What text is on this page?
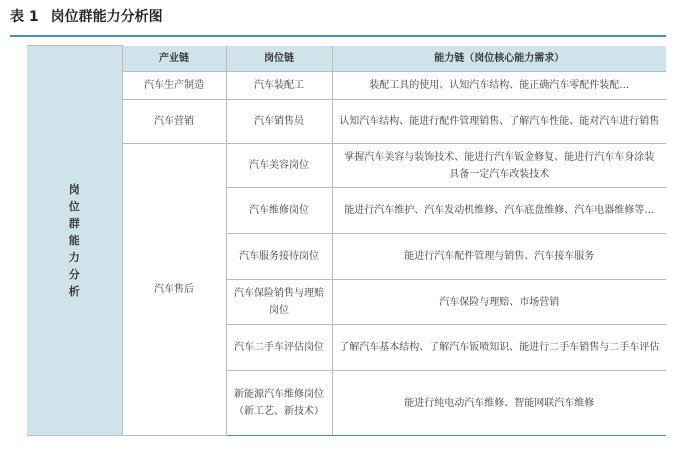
表 1 岗位群能力分析图
岗位群能力分析	产业链	岗位链	能力链（岗位核心能力需求）
	汽车生产制造	汽车装配工	装配工具的使用、认知汽车结构、能正确汽车零配件装配…
	汽车营销	汽车销售员	认知汽车结构、能进行配件管理销售、了解汽车性能、能对汽车进行销售
	汽车售后	汽车美容岗位	掌握汽车美容与装饰技术、能进行汽车钣金修复、能进行汽车车身涂装 具备一定汽车改装技术
		汽车维修岗位	能进行汽车维护、汽车发动机维修、汽车底盘维修、汽车电器维修等…
		汽车服务接待岗位	能进行汽车配件管理与销售、汽车接车服务
		汽车保险销售与理赔岗位	汽车保险与理赔、市场营销
		汽车二手车评估岗位	了解汽车基本结构、了解汽车钣喷知识、能进行二手车销售与二手车评估
		新能源汽车维修岗位（新工艺、新技术）	能进行纯电动汽车维修、智能网联汽车维修
